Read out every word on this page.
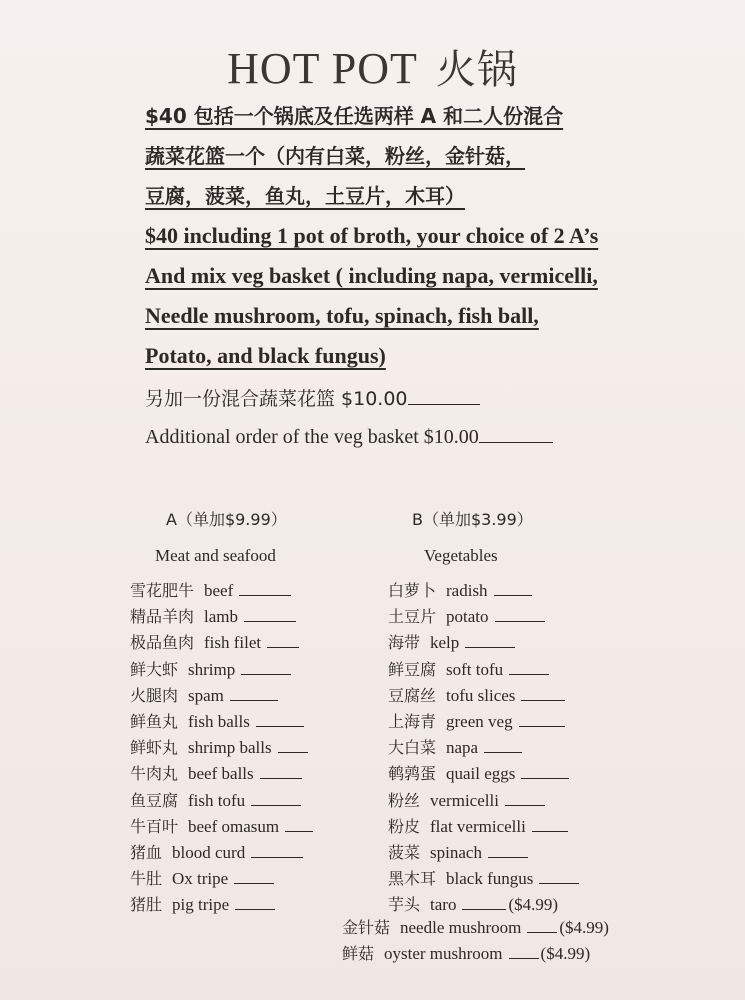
HOT POT 火锅
$40 包括一个锅底及任选两样 A 和二人份混合
蔬菜花篮一个（内有白菜，粉丝，金针菇，
豆腐，菠菜，鱼丸，土豆片，木耳）
$40 including 1 pot of broth, your choice of 2 A’s
And mix veg basket ( including napa, vermicelli,
Needle mushroom, tofu, spinach, fish ball,
Potato, and black fungus)
另加一份混合蔬菜花篮 $10.00
Additional order of the veg basket $10.00
A（单加$9.99）
Meat and seafood
B（单加$3.99）
Vegetables
雪花肥牛 beef
精品羊肉 lamb
极品鱼肉 fish filet
鲜大虾 shrimp
火腿肉 spam
鲜鱼丸 fish balls
鲜虾丸 shrimp balls
牛肉丸 beef balls
鱼豆腐 fish tofu
牛百叶 beef omasum
猪血 blood curd
牛肚 Ox tripe
猪肚 pig tripe
白萝卜 radish
土豆片 potato
海带 kelp
鲜豆腐 soft tofu
豆腐丝 tofu slices
上海青 green veg
大白菜 napa
鹌鹑蛋 quail eggs
粉丝 vermicelli
粉皮 flat vermicelli
菠菜 spinach
黑木耳 black fungus
芋头 taro	($4.99)
金针菇 needle mushroom ($4.99)
鲜菇 oyster mushroom ($4.99)
